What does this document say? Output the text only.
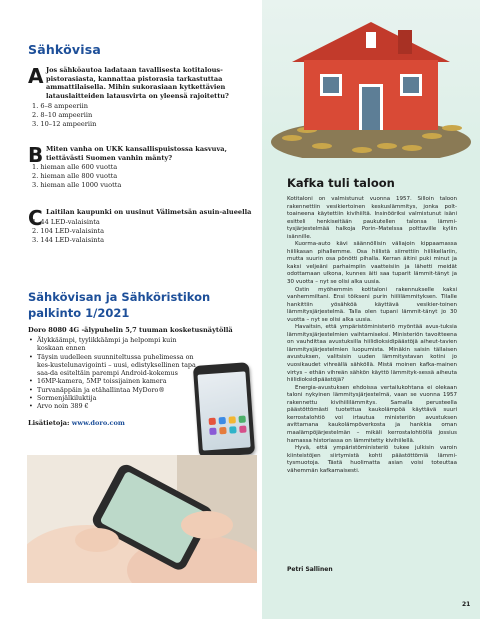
Sähkövisa
A Jos sähköautoa ladataan tavallisesta kotitalous-pistorasiasta, kannattaa pistorasia tarkastuttaa ammattilaisella. Mihin sukorasiaan kytkettävien latauslaitteiden latausvirta on yleensä rajoitettu?

1. 6–8 ampeeriin
2. 8–10 ampeeriin
3. 10–12 ampeeriin
B Miten vanha on UKK kansallispuistossa kasvuva, tiettävästi Suomen vanhin mänty?

1. hieman alle 600 vuotta
2. hieman alle 800 vuotta
3. hieman alle 1000 vuotta
C Laitilan kaupunki on uusinut Välimetsän asuin-alueella

1. 44 LED-valaisinta
2. 104 LED-valaisinta
3. 144 LED-valaisinta
Sähkövisan ja Sähköristikon palkinto 1/2021

Doro 8080 4G -älypuhelin 5,7 tuuman kosketusnäytöllä

• Älykkäämpi, tyylikkäämpi ja helpompi kuin koskaan ennen
• Täysin uudelleen suunniteltussa puhelimessa on kes-kustelunavigointi – uusi, edistyksellinen tapa saa-da esiteltäin parempi Android-kokemus
• 16MP-kamera, 5MP toissijainen kamera
• Turvanäppäin ja etähallintaa MyDoro®
• Sormenjälkiluktija
• Arvo noin 389 €

Lisätietoja: www.doro.com

Kafka tuli taloon

Kotitaloni on valmistunut vuonna 1957. Silloin taloon rakennettiin vesikiertoinen keskuslämmitys, jonka polt-toaineena käytettiin kivihiiltä. Insinööriksi valmistunut isäni esitteli henkiseitään paukutellen talonsa lämmi-tysjärjestelmää halkoja Porin–Matelssa polttaville kyliin isännille.

Kuorma-auto kävi säännöllisin väliajoin kippaamassa hiilikasan pihallemme. Osa hiilistä siirrettiin hiilikellariin, mutta suurin osa pönötti pihalla. Kerran äitini puki minut ja kaksi veljeäni parhaimpiin vaatteisiin ja lähetti meidät odottamaan ulkona, kunnes äiti saa tuparit lämmit-tänyt ja 30 vuotta – nyt se olisi alka uusia.

Ostin myöhemmin kotitaloni rakennukselle kaksi vanhemmiltani. Ensi töikseni purin hiililämmityksen. Tilalle hankittiin yösähköä käyttävä vesikier-toinen lämmitysjärjestelmä. Talla olen tupani lämmit-tänyt jo 30 vuotta – nyt se olisi alka uusia.

Havaitsin, että ympäristöministeriö myöntää avus-tuksia lämmitysjärjestelmien vaihtamiseksi. Ministeriön tavoitteena on vauhdittaa avustuksilla hiilidioksidipäästöjä aiheut-tavien lämmitysjärjestelmien luopumista. Minäkin saisin tällaisen avustuksen, valitsisin uuden lämmitystavan kotini jo vuosikaudet vihreällä sähköllä. Mistä moinen kafka-mainen virtys – ethän vihreän sähkön käyttö lämmityk-sessä aiheuta hiilidioksidipäästöjä?

Energia-avustuksen ehdoissa vertailukohtana ei olekaan taloni nykyinen lämmitysjärjestelmä, vaan se vuonna 1957 rakennettu kivihiililämmitys. Samalla perusteella päästöttömästi tuotettua kaukolämpöä käyttävä suuri kerrostalohtiö voi irtautua ministeriön avustuksen avittamana kaukolämpöverkosta ja hankkia oman maalämpöjärjestelmän – mikäli kerrostalohtiöllä jossius hamassa historiassa on lämmitetty kivihiilellä.

Hyvä, että ympäristöministeriö tukee julkisin varoin kiinteistöjen siirtymistä kohti päästöttömiä lämmi-tysmuotoja. Tästä huolimatta asian voisi toteuttaa vähemmän kafkamaisesti.

Petri Sallinen

21
